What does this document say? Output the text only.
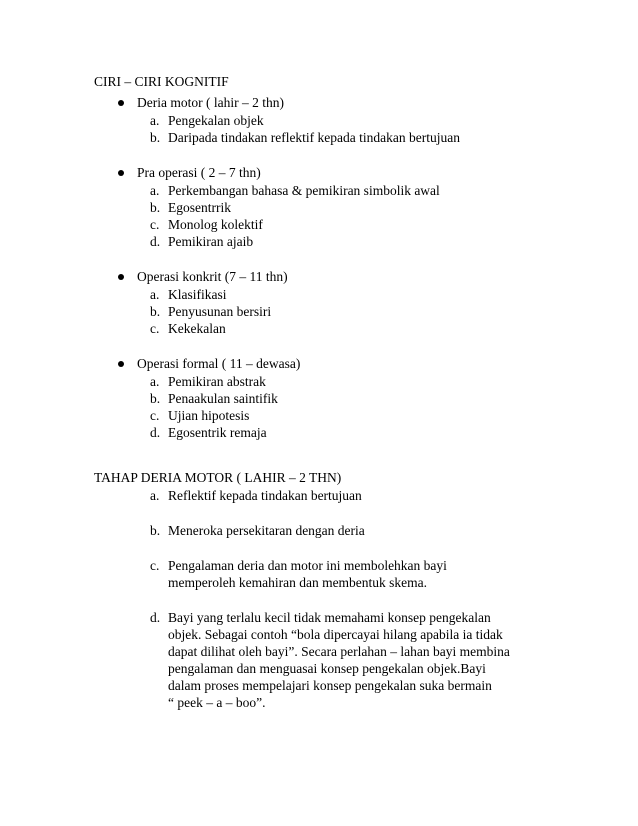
CIRI – CIRI KOGNITIF
Deria motor ( lahir – 2 thn)
a. Pengekalan objek
b. Daripada tindakan reflektif kepada tindakan bertujuan
Pra operasi ( 2 – 7 thn)
a. Perkembangan bahasa & pemikiran simbolik awal
b. Egosentrrik
c. Monolog kolektif
d. Pemikiran ajaib
Operasi konkrit (7 – 11 thn)
a. Klasifikasi
b. Penyusunan bersiri
c. Kekekalan
Operasi formal ( 11 – dewasa)
a. Pemikiran abstrak
b. Penaakulan saintifik
c. Ujian hipotesis
d. Egosentrik remaja
TAHAP DERIA MOTOR ( LAHIR – 2 THN)
a. Reflektif kepada tindakan bertujuan
b. Meneroka persekitaran dengan deria
c. Pengalaman deria dan motor ini membolehkan bayi
memperoleh kemahiran dan membentuk skema.
d. Bayi yang terlalu kecil tidak memahami konsep pengekalan
objek. Sebagai contoh “bola dipercayai hilang apabila ia tidak
dapat dilihat oleh bayi”. Secara perlahan – lahan bayi membina
pengalaman dan menguasai konsep pengekalan objek.Bayi
dalam proses mempelajari konsep pengekalan suka bermain
“ peek – a – boo”.
